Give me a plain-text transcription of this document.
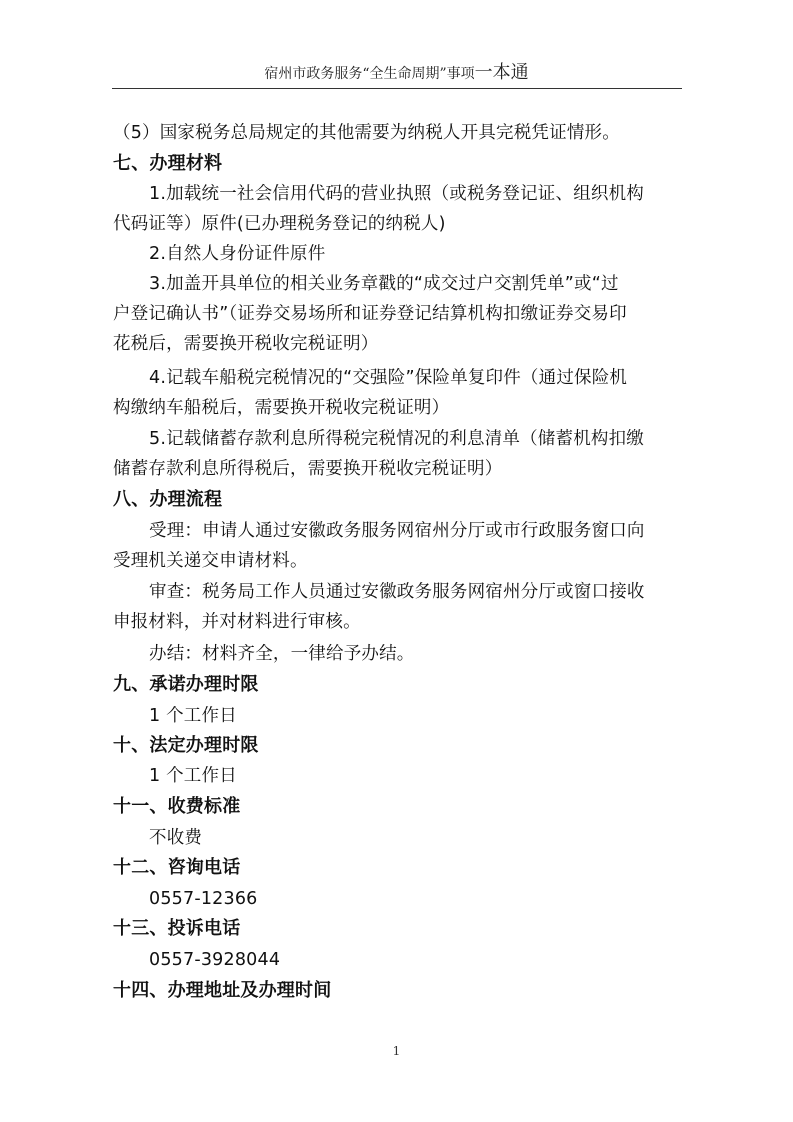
宿州市政务服务“全生命周期”事项一本通
（5）国家税务总局规定的其他需要为纳税人开具完税凭证情形。
七、办理材料
1.加载统一社会信用代码的营业执照（或税务登记证、组织机构
代码证等）原件(已办理税务登记的纳税人)
2.自然人身份证件原件
3.加盖开具单位的相关业务章戳的“成交过户交割凭单”或“过
户登记确认书”（证券交易场所和证券登记结算机构扣缴证券交易印
花税后，需要换开税收完税证明）
4.记载车船税完税情况的“交强险”保险单复印件（通过保险机
构缴纳车船税后，需要换开税收完税证明）
5.记载储蓄存款利息所得税完税情况的利息清单（储蓄机构扣缴
储蓄存款利息所得税后，需要换开税收完税证明）
八、办理流程
受理：申请人通过安徽政务服务网宿州分厅或市行政服务窗口向
受理机关递交申请材料。
审查：税务局工作人员通过安徽政务服务网宿州分厅或窗口接收
申报材料，并对材料进行审核。
办结：材料齐全，一律给予办结。
九、承诺办理时限
1 个工作日
十、法定办理时限
1 个工作日
十一、收费标准
不收费
十二、咨询电话
0557-12366
十三、投诉电话
0557-3928044
十四、办理地址及办理时间
1
